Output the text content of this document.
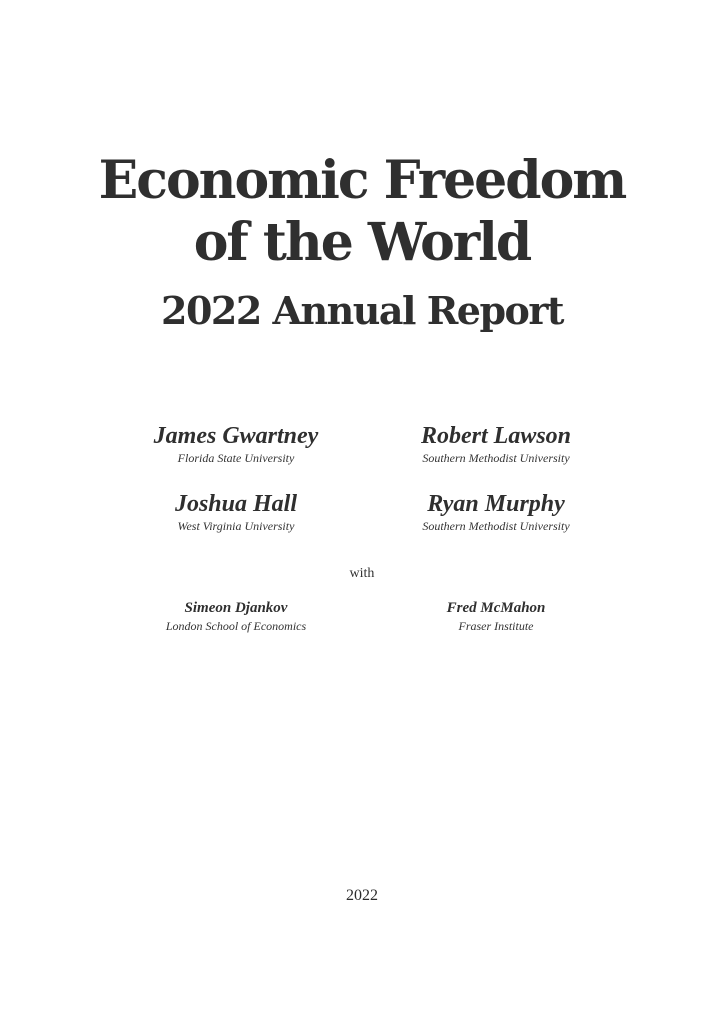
Economic Freedom
of the World
2022 Annual Report
James Gwartney
Florida State University
Robert Lawson
Southern Methodist University
Joshua Hall
West Virginia University
Ryan Murphy
Southern Methodist University
with
Simeon Djankov
London School of Economics
Fred McMahon
Fraser Institute
2022
